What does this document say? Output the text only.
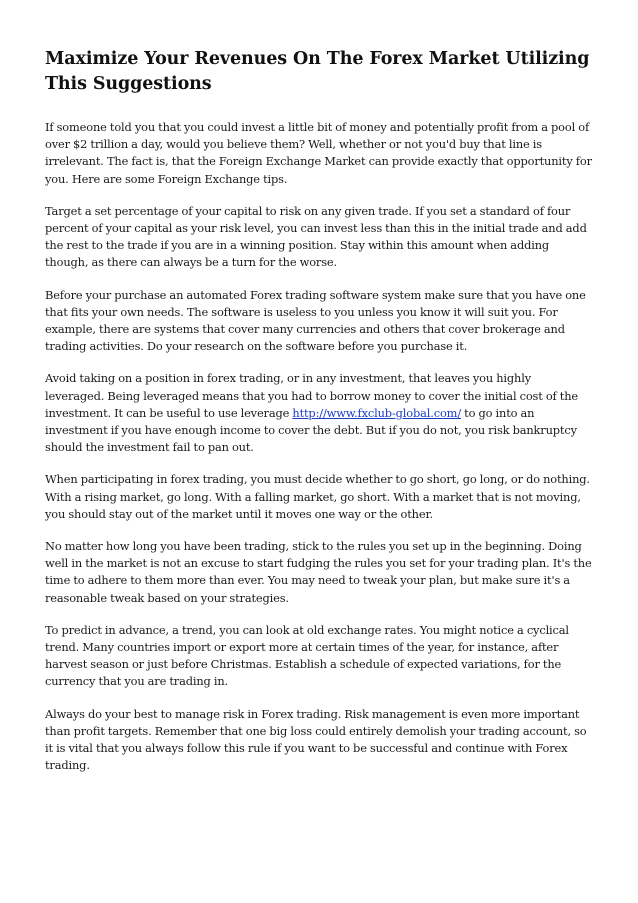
Maximize Your Revenues On The Forex Market Utilizing This Suggestions

If someone told you that you could invest a little bit of money and potentially profit from a pool of over $2 trillion a day, would you believe them? Well, whether or not you'd buy that line is irrelevant. The fact is, that the Foreign Exchange Market can provide exactly that opportunity for you. Here are some Foreign Exchange tips.

Target a set percentage of your capital to risk on any given trade. If you set a standard of four percent of your capital as your risk level, you can invest less than this in the initial trade and add the rest to the trade if you are in a winning position. Stay within this amount when adding though, as there can always be a turn for the worse.

Before your purchase an automated Forex trading software system make sure that you have one that fits your own needs. The software is useless to you unless you know it will suit you. For example, there are systems that cover many currencies and others that cover brokerage and trading activities. Do your research on the software before you purchase it.

Avoid taking on a position in forex trading, or in any investment, that leaves you highly leveraged. Being leveraged means that you had to borrow money to cover the initial cost of the investment. It can be useful to use leverage http://www.fxclub-global.com/ to go into an investment if you have enough income to cover the debt. But if you do not, you risk bankruptcy should the investment fail to pan out.

When participating in forex trading, you must decide whether to go short, go long, or do nothing. With a rising market, go long. With a falling market, go short. With a market that is not moving, you should stay out of the market until it moves one way or the other.

No matter how long you have been trading, stick to the rules you set up in the beginning. Doing well in the market is not an excuse to start fudging the rules you set for your trading plan. It's the time to adhere to them more than ever. You may need to tweak your plan, but make sure it's a reasonable tweak based on your strategies.

To predict in advance, a trend, you can look at old exchange rates. You might notice a cyclical trend. Many countries import or export more at certain times of the year, for instance, after harvest season or just before Christmas. Establish a schedule of expected variations, for the currency that you are trading in.

Always do your best to manage risk in Forex trading. Risk management is even more important than profit targets. Remember that one big loss could entirely demolish your trading account, so it is vital that you always follow this rule if you want to be successful and continue with Forex trading.
